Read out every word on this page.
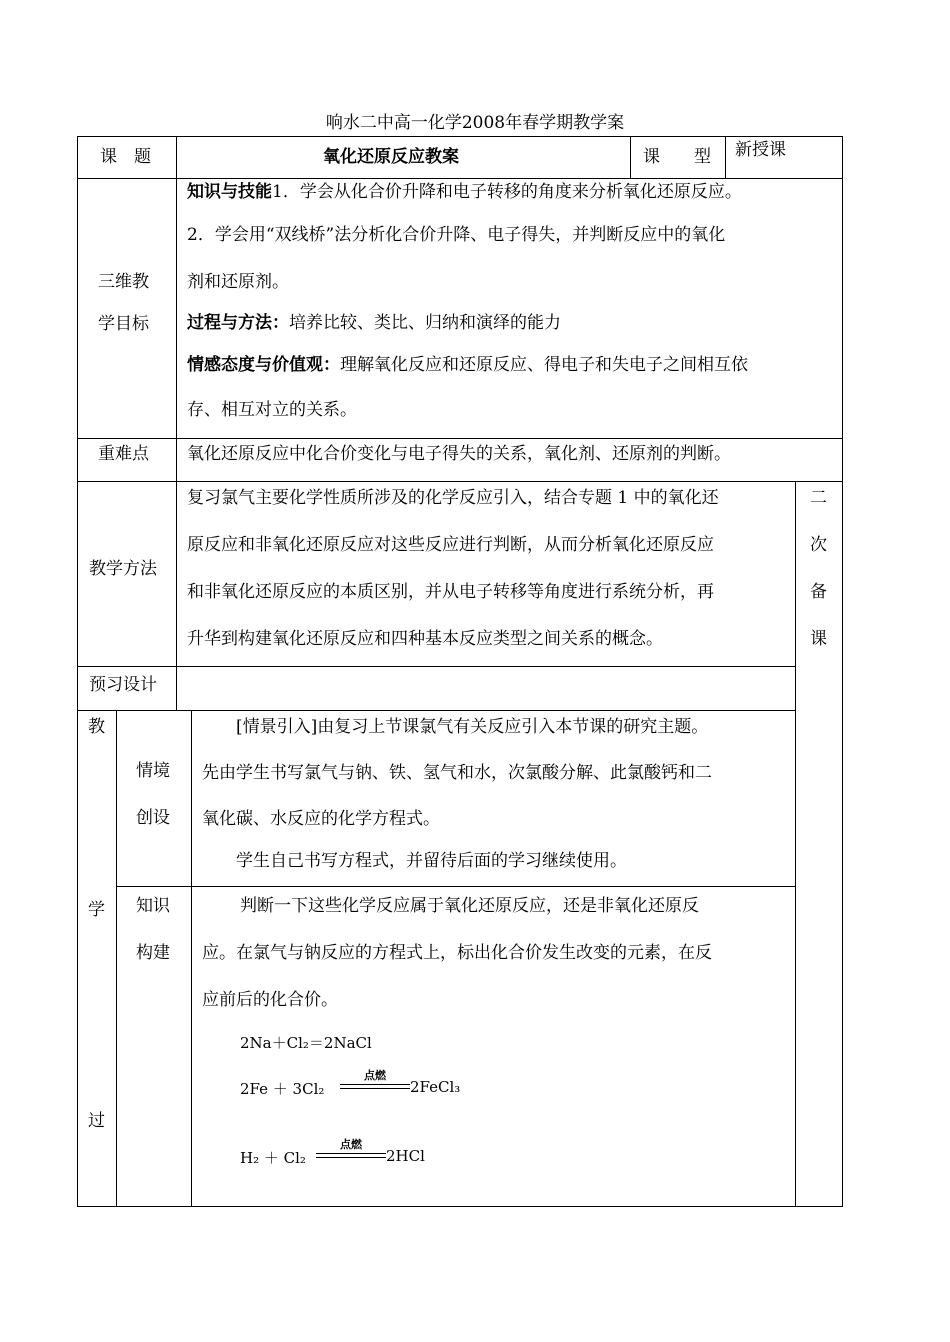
响水二中高一化学2008年春学期教学案
课　题	氧化还原反应教案	课　　型 新授课
三维教
学目标
知识与技能1．学会从化合价升降和电子转移的角度来分析氧化还原反应。
2．学会用“双线桥”法分析化合价升降、电子得失，并判断反应中的氧化
剂和还原剂。
过程与方法：培养比较、类比、归纳和演绎的能力
情感态度与价值观：理解氧化反应和还原反应、得电子和失电子之间相互依
存、相互对立的关系。
重难点 氧化还原反应中化合价变化与电子得失的关系，氧化剂、还原剂的判断。
教学方法
复习氯气主要化学性质所涉及的化学反应引入，结合专题 1 中的氧化还
原反应和非氧化还原反应对这些反应进行判断，从而分析氧化还原反应
和非氧化还原反应的本质区别，并从电子转移等角度进行系统分析，再
升华到构建氧化还原反应和四种基本反应类型之间关系的概念。
二
次
备
课
预习设计
教
学
过
情境
创设
[情景引入]由复习上节课氯气有关反应引入本节课的研究主题。
先由学生书写氯气与钠、铁、氢气和水，次氯酸分解、此氯酸钙和二
氧化碳、水反应的化学方程式。
学生自己书写方程式，并留待后面的学习继续使用。
知识
构建
判断一下这些化学反应属于氧化还原反应，还是非氧化还原反
应。在氯气与钠反应的方程式上，标出化合价发生改变的元素，在反
应前后的化合价。
2Na＋Cl₂＝2NaCl
2Fe ＋ 3Cl₂
点燃
2FeCl₃
H₂ ＋ Cl₂
点燃
2HCl
